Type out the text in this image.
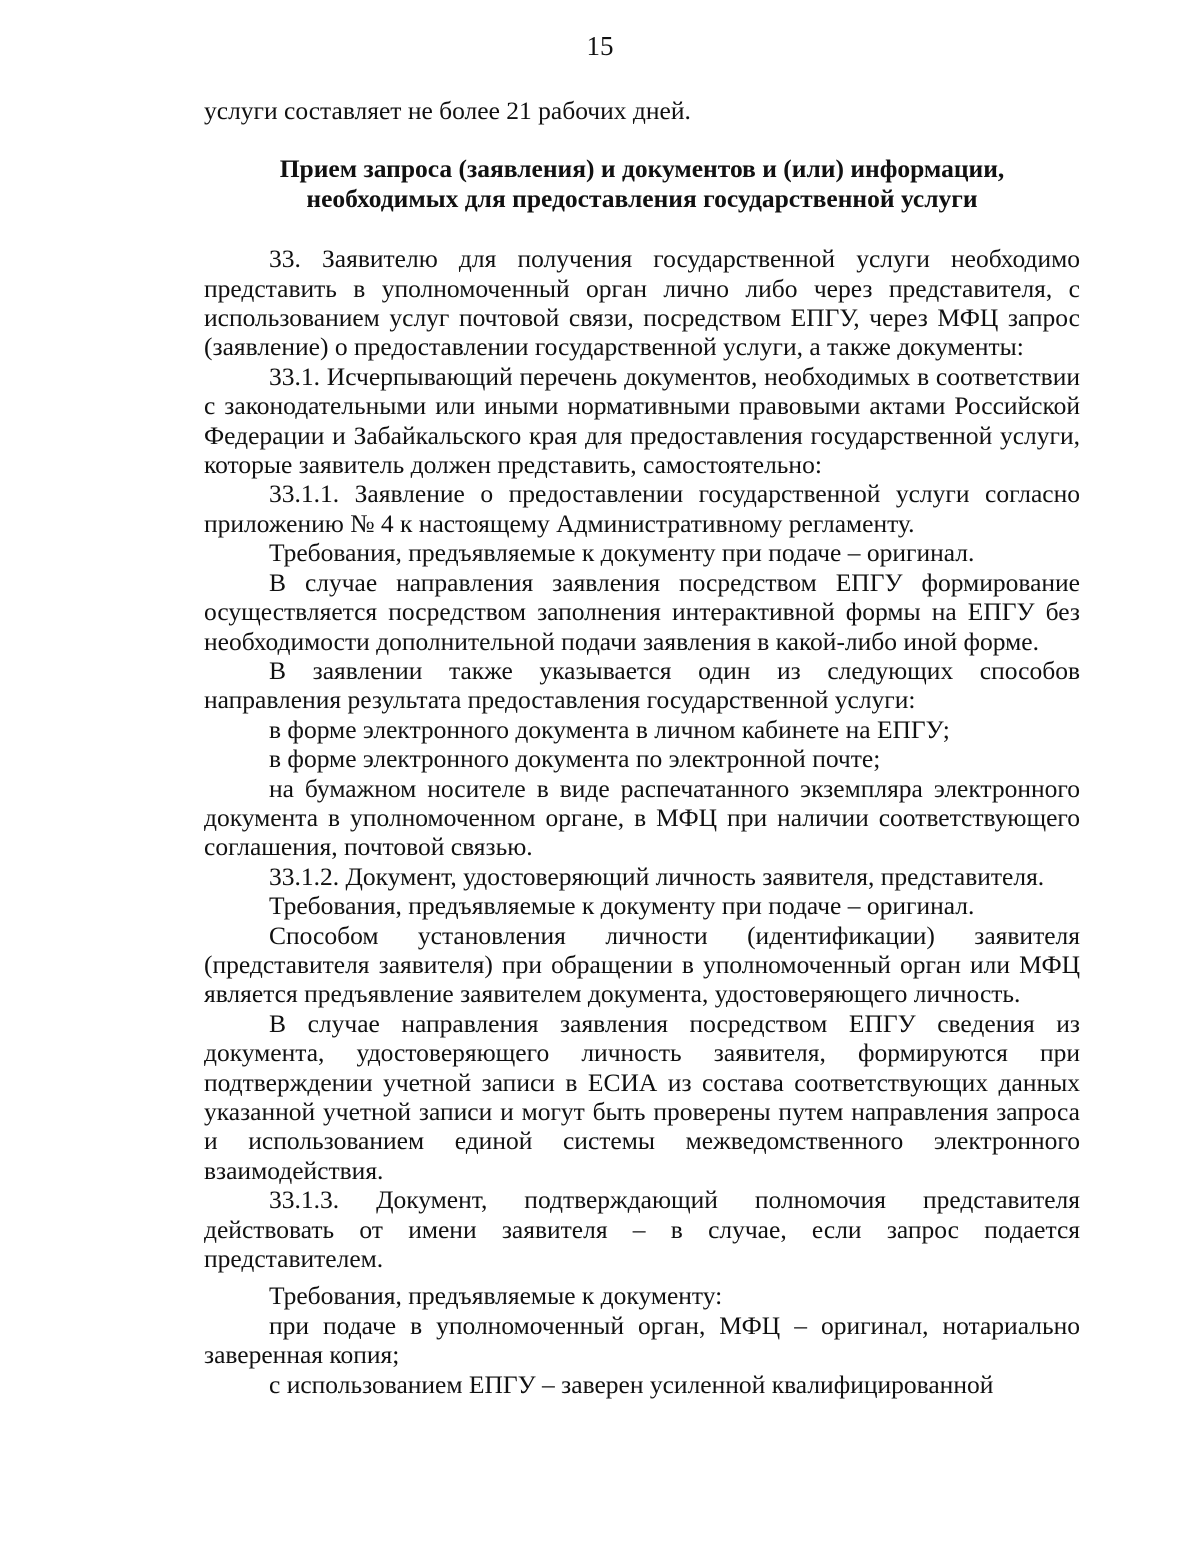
15

услуги составляет не более 21 рабочих дней.

Прием запроса (заявления) и документов и (или) информации,
необходимых для предоставления государственной услуги

33. Заявителю для получения государственной услуги необходимо представить в уполномоченный орган лично либо через представителя, с использованием услуг почтовой связи, посредством ЕПГУ, через МФЦ запрос (заявление) о предоставлении государственной услуги, а также документы:

33.1. Исчерпывающий перечень документов, необходимых в соответствии с законодательными или иными нормативными правовыми актами Российской Федерации и Забайкальского края для предоставления государственной услуги, которые заявитель должен представить, самостоятельно:

33.1.1. Заявление о предоставлении государственной услуги согласно приложению № 4 к настоящему Административному регламенту.

Требования, предъявляемые к документу при подаче – оригинал.

В случае направления заявления посредством ЕПГУ формирование осуществляется посредством заполнения интерактивной формы на ЕПГУ без необходимости дополнительной подачи заявления в какой-либо иной форме.

В заявлении также указывается один из следующих способов направления результата предоставления государственной услуги:

в форме электронного документа в личном кабинете на ЕПГУ;

в форме электронного документа по электронной почте;

на бумажном носителе в виде распечатанного экземпляра электронного документа в уполномоченном органе, в МФЦ при наличии соответствующего соглашения, почтовой связью.

33.1.2. Документ, удостоверяющий личность заявителя, представителя.

Требования, предъявляемые к документу при подаче – оригинал.

Способом установления личности (идентификации) заявителя (представителя заявителя) при обращении в уполномоченный орган или МФЦ является предъявление заявителем документа, удостоверяющего личность.

В случае направления заявления посредством ЕПГУ сведения из документа, удостоверяющего личность заявителя, формируются при подтверждении учетной записи в ЕСИА из состава соответствующих данных указанной учетной записи и могут быть проверены путем направления запроса и использованием единой системы межведомственного электронного взаимодействия.

33.1.3. Документ, подтверждающий полномочия представителя действовать от имени заявителя – в случае, если запрос подается представителем.

Требования, предъявляемые к документу:

при подаче в уполномоченный орган, МФЦ – оригинал, нотариально заверенная копия;

с использованием ЕПГУ – заверен усиленной квалифицированной
